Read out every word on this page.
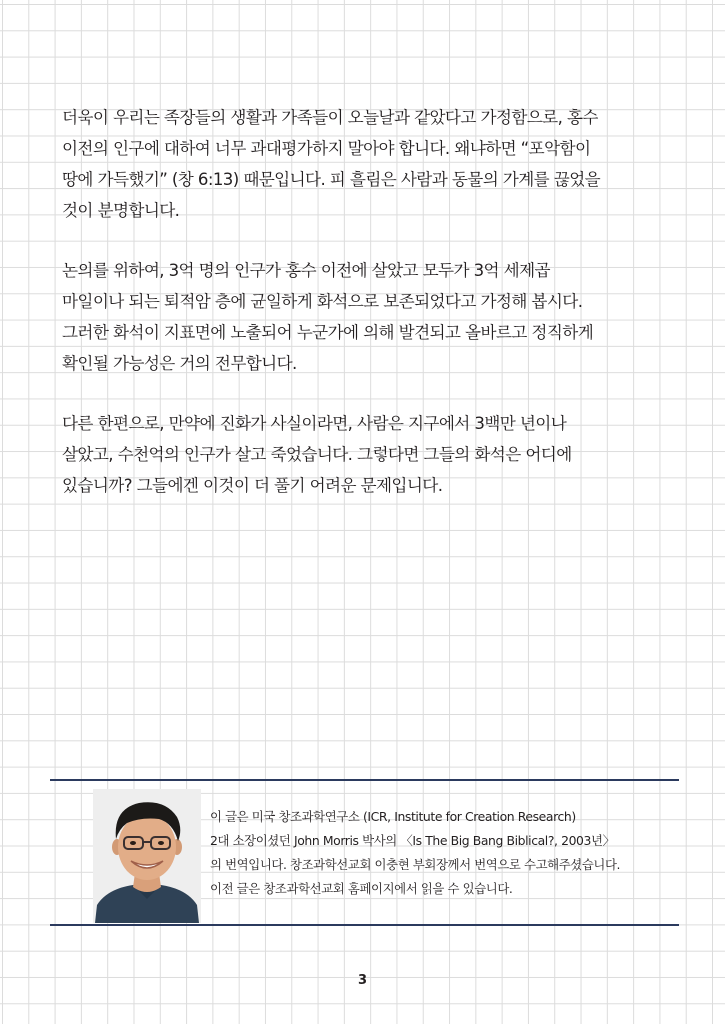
더욱이 우리는 족장들의 생활과 가족들이 오늘날과 같았다고 가정함으로, 홍수
이전의 인구에 대하여 너무 과대평가하지 말아야 합니다. 왜냐하면 “포악함이
땅에 가득했기” (창 6:13) 때문입니다. 피 흘림은 사람과 동물의 가계를 끊었을
것이 분명합니다.

논의를 위하여, 3억 명의 인구가 홍수 이전에 살았고 모두가 3억 세제곱
마일이나 되는 퇴적암 층에 균일하게 화석으로 보존되었다고 가정해 봅시다.
그러한 화석이 지표면에 노출되어 누군가에 의해 발견되고 올바르고 정직하게
확인될 가능성은 거의 전무합니다.

다른 한편으로, 만약에 진화가 사실이라면, 사람은 지구에서 3백만 년이나
살았고, 수천억의 인구가 살고 죽었습니다. 그렇다면 그들의 화석은 어디에
있습니까? 그들에겐 이것이 더 풀기 어려운 문제입니다.

이 글은 미국 창조과학연구소 (ICR, Institute for Creation Research)
2대 소장이셨던 John Morris 박사의 〈Is The Big Bang Biblical?, 2003년〉
의 번역입니다. 창조과학선교회 이충현 부회장께서 번역으로 수고해주셨습니다.
이전 글은 창조과학선교회 홈페이지에서 읽을 수 있습니다.
3
